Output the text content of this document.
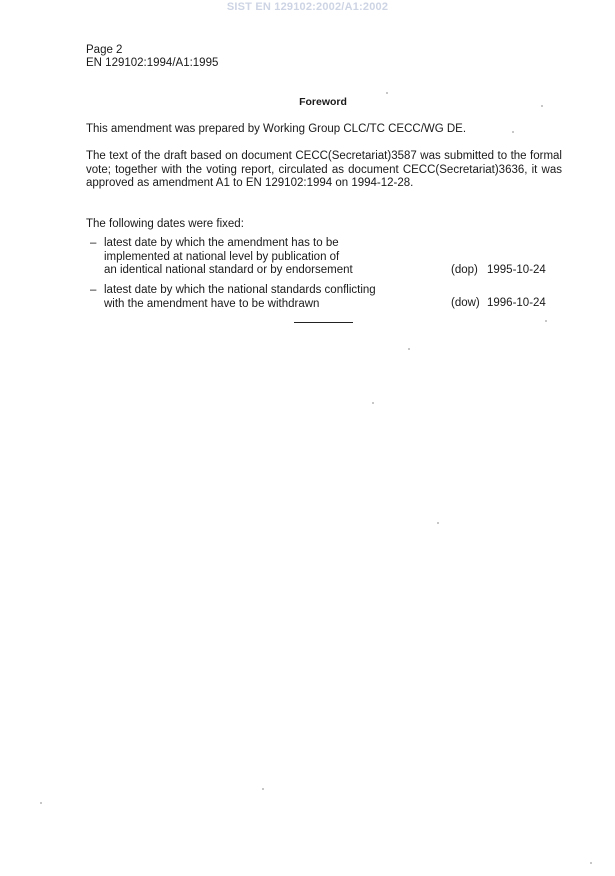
SIST EN 129102:2002/A1:2002
Page 2
EN 129102:1994/A1:1995
Foreword
This amendment was prepared by Working Group CLC/TC CECC/WG DE.
The text of the draft based on document CECC(Secretariat)3587 was submitted to the formal vote; together with the voting report, circulated as document CECC(Secretariat)3636, it was approved as amendment A1 to EN 129102:1994 on 1994-12-28.
The following dates were fixed:
– latest date by which the amendment has to be
implemented at national level by publication of
an identical national standard or by endorsement	(dop) 1995-10-24
– latest date by which the national standards conflicting
with the amendment have to be withdrawn	(dow) 1996-10-24
